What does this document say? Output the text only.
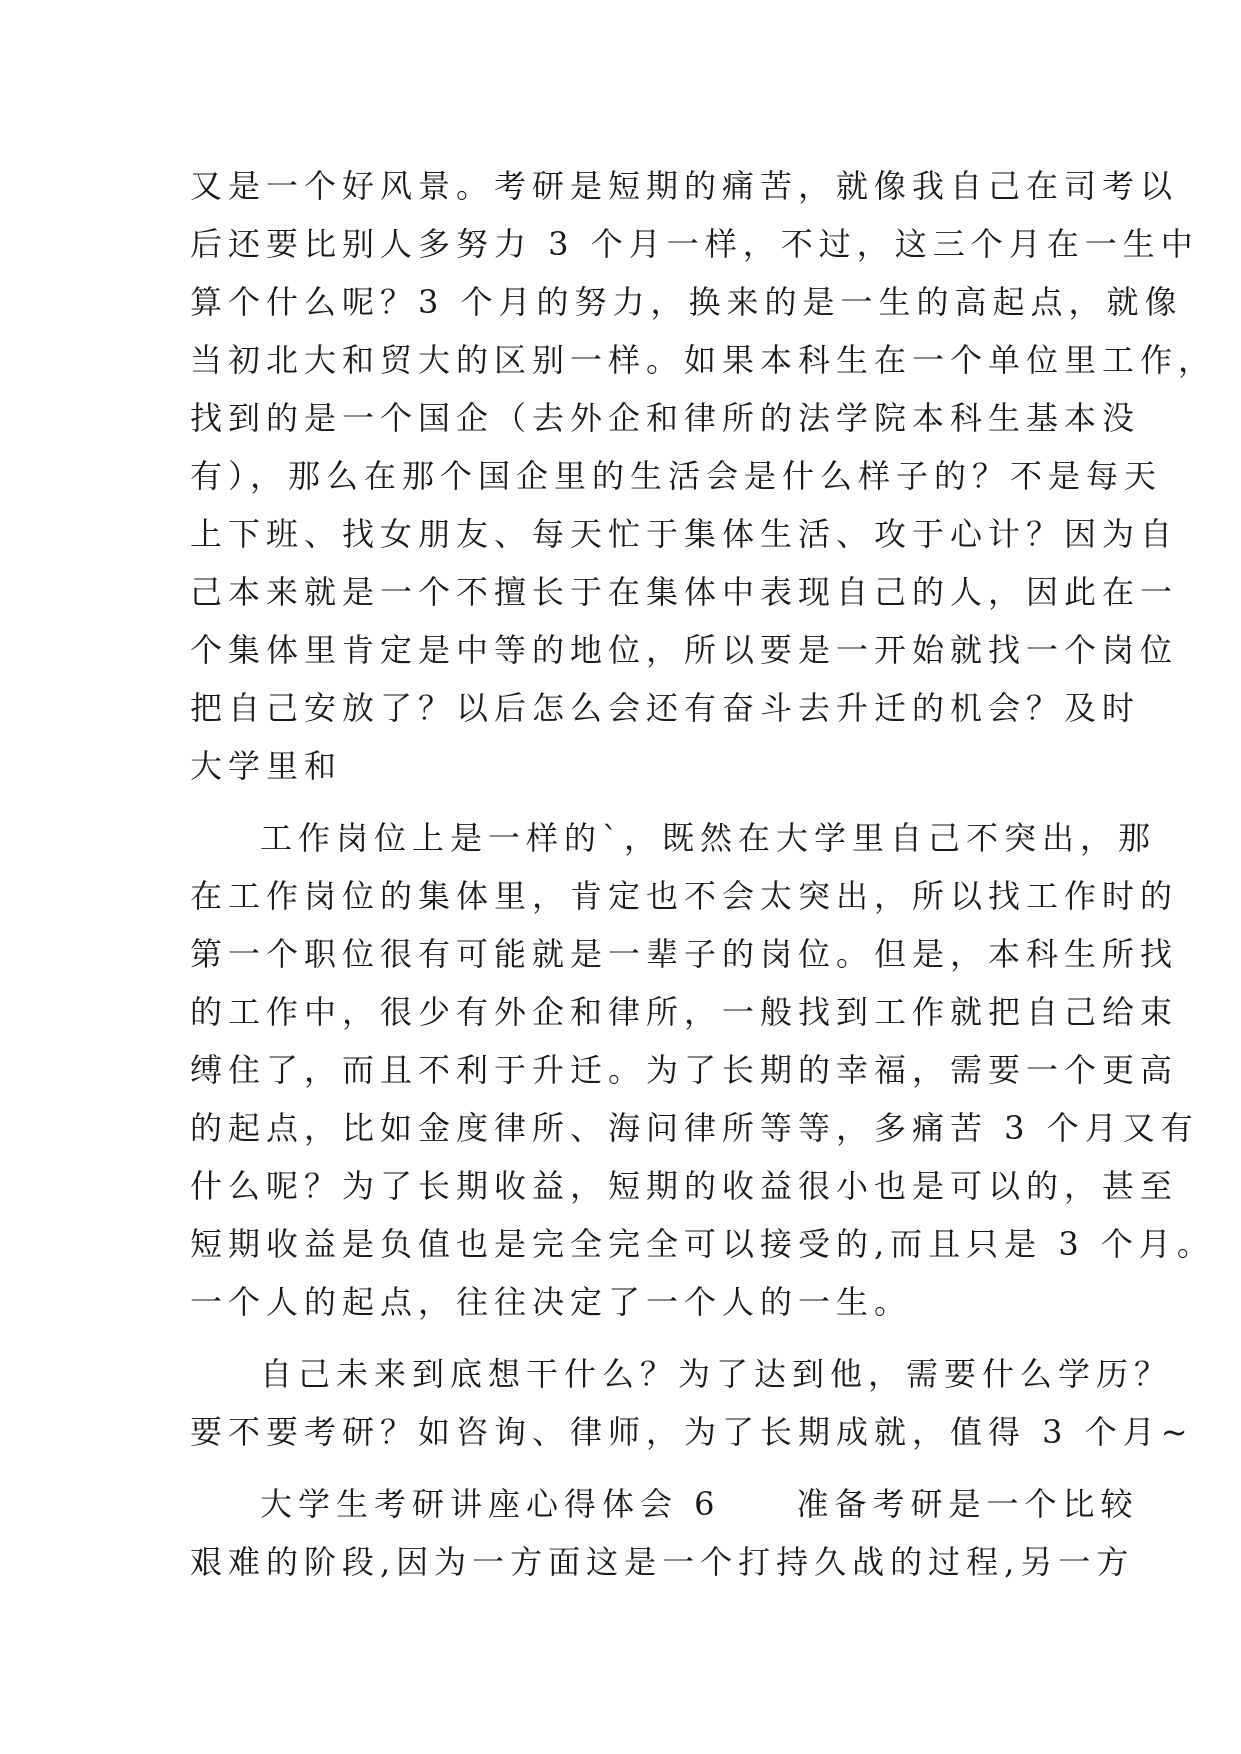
又是一个好风景。考研是短期的痛苦，就像我自己在司考以
后还要比别人多努力 3 个月一样，不过，这三个月在一生中
算个什么呢？3 个月的努力，换来的是一生的高起点，就像
当初北大和贸大的区别一样。如果本科生在一个单位里工作，
找到的是一个国企（去外企和律所的法学院本科生基本没
有），那么在那个国企里的生活会是什么样子的？不是每天
上下班、找女朋友、每天忙于集体生活、攻于心计？因为自
己本来就是一个不擅长于在集体中表现自己的人，因此在一
个集体里肯定是中等的地位，所以要是一开始就找一个岗位
把自己安放了？以后怎么会还有奋斗去升迁的机会？及时
大学里和
工作岗位上是一样的`，既然在大学里自己不突出，那
在工作岗位的集体里，肯定也不会太突出，所以找工作时的
第一个职位很有可能就是一辈子的岗位。但是，本科生所找
的工作中，很少有外企和律所，一般找到工作就把自己给束
缚住了，而且不利于升迁。为了长期的幸福，需要一个更高
的起点，比如金度律所、海问律所等等，多痛苦 3 个月又有
什么呢？为了长期收益，短期的收益很小也是可以的，甚至
短期收益是负值也是完全完全可以接受的,而且只是 3 个月。
一个人的起点，往往决定了一个人的一生。
自己未来到底想干什么？为了达到他，需要什么学历？
要不要考研？如咨询、律师，为了长期成就，值得 3 个月~
大学生考研讲座心得体会 6　　准备考研是一个比较
艰难的阶段,因为一方面这是一个打持久战的过程,另一方
